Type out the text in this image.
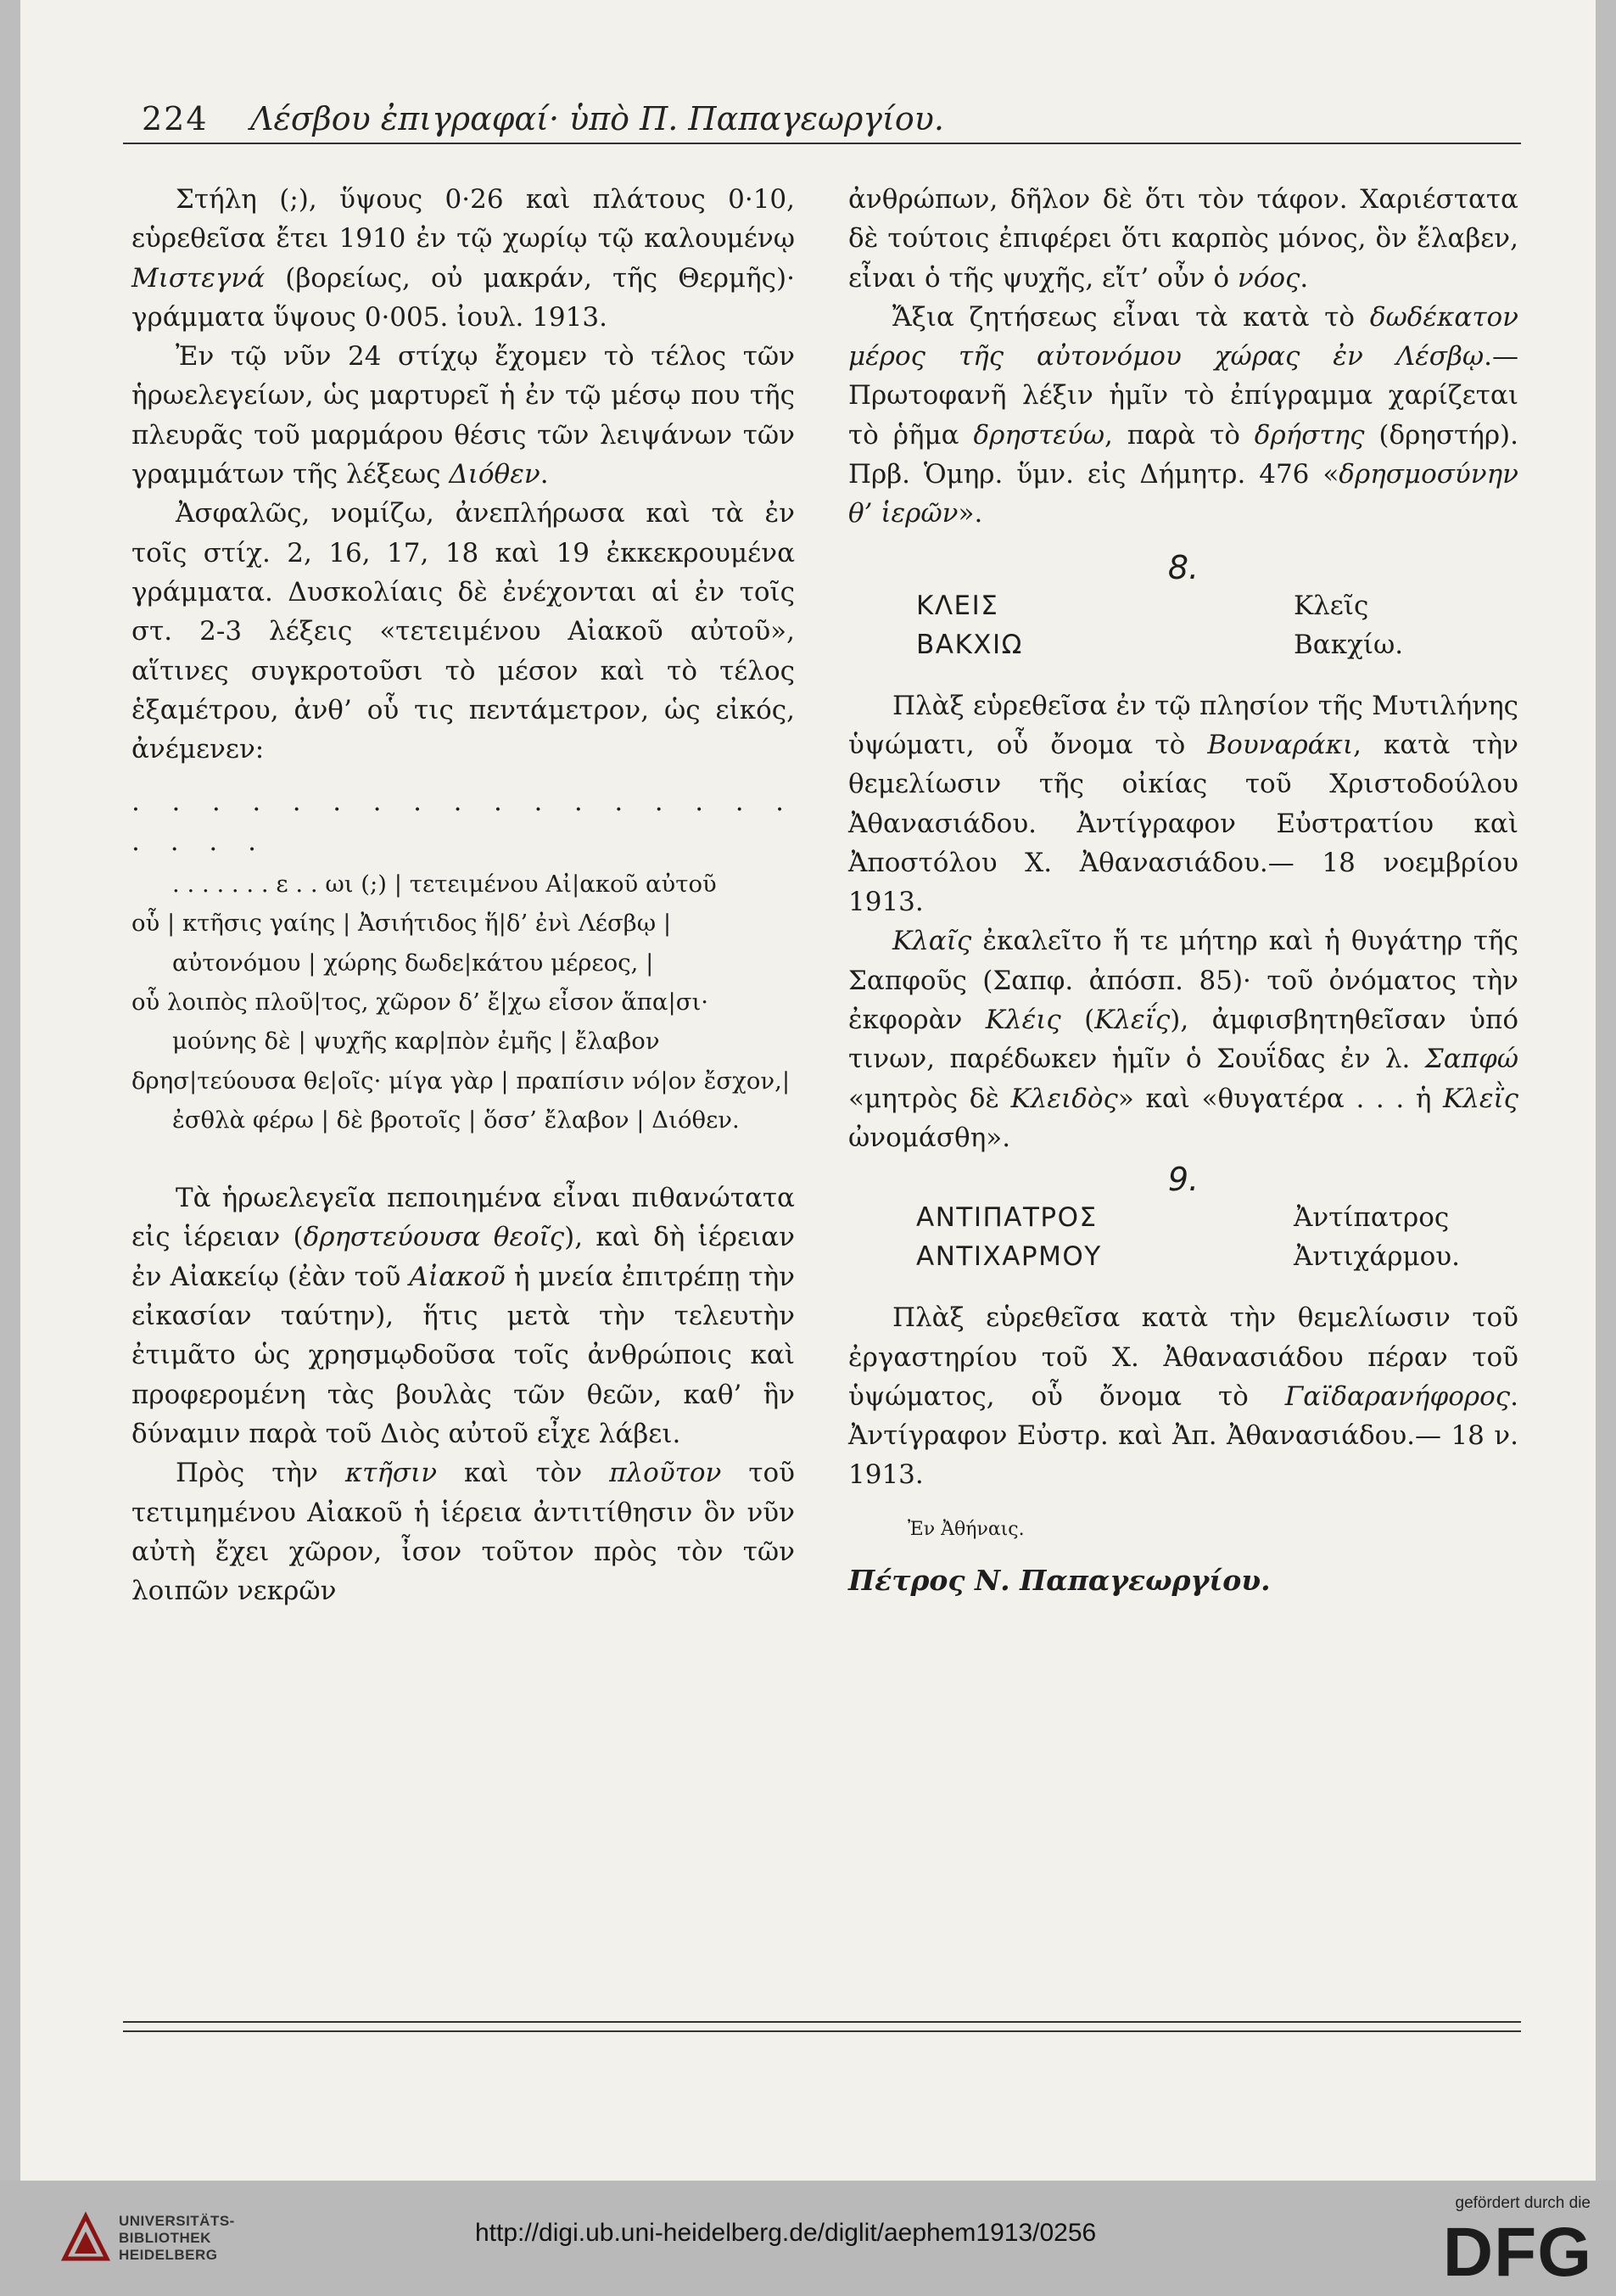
224 Λέσβου ἐπιγραφαί· ὑπὸ Π. Παπαγεωργίου.

Στήλη (;), ὕψους 0·26 καὶ πλάτους 0·10, εὑρεθεῖσα ἔτει 1910 ἐν τῷ χωρίῳ τῷ καλουμένῳ Μιστεγνά (βορείως, οὐ μακράν, τῆς Θερμῆς)· γράμματα ὕψους 0·005. ἰουλ. 1913.

Ἐν τῷ νῦν 24 στίχῳ ἔχομεν τὸ τέλος τῶν ἡρωελεγείων, ὡς μαρτυρεῖ ἡ ἐν τῷ μέσῳ που τῆς πλευρᾶς τοῦ μαρμάρου θέσις τῶν λειψάνων τῶν γραμμάτων τῆς λέξεως Διόθεν.

Ἀσφαλῶς, νομίζω, ἀνεπλήρωσα καὶ τὰ ἐν τοῖς στίχ. 2, 16, 17, 18 καὶ 19 ἐκκεκρουμένα γράμματα. Δυσκολίαις δὲ ἐνέχονται αἱ ἐν τοῖς στ. 2-3 λέξεις «τετειμένου Αἰακοῦ αὐτοῦ», αἵτινες συγκροτοῦσι τὸ μέσον καὶ τὸ τέλος ἑξαμέτρου, ἀνθ’ οὗ τις πεντάμετρον, ὡς εἰκός, ἀνέμενεν:

. . . . . . . . . . . . . . . . . . . . .

. . . . . . . ε . . ωι (;) | τετειμένου Αἰ|ακοῦ αὐτοῦ
οὗ | κτῆσις γαίης | Ἀσιήτιδος ἥ|δ’ ἐνὶ Λέσβῳ |
αὐτονόμου | χώρης δωδε|κάτου μέρεος, |
οὗ λοιπὸς πλοῦ|τος, χῶρον δ’ ἔ|χω εἶσον ἅπα|σι·
μούνης δὲ | ψυχῆς καρ|πὸν ἐμῆς | ἔλαβον
δρησ|τεύουσα θε|οῖς· μίγα γὰρ | πραπίσιν νό|ον ἔσχον,|
ἐσθλὰ φέρω | δὲ βροτοῖς | ὅσσ’ ἔλαβον | Διόθεν.

Τὰ ἡρωελεγεῖα πεποιημένα εἶναι πιθανώτατα εἰς ἱέρειαν (δρηστεύουσα θεοῖς), καὶ δὴ ἱέρειαν ἐν Αἰακείῳ (ἐὰν τοῦ Αἰακοῦ ἡ μνεία ἐπιτρέπῃ τὴν εἰκασίαν ταύτην), ἥτις μετὰ τὴν τελευτὴν ἐτιμᾶτο ὡς χρησμῳδοῦσα τοῖς ἀνθρώποις καὶ προφερομένη τὰς βουλὰς τῶν θεῶν, καθ’ ἣν δύναμιν παρὰ τοῦ Διὸς αὐτοῦ εἶχε λάβει.

Πρὸς τὴν κτῆσιν καὶ τὸν πλοῦτον τοῦ τετιμημένου Αἰακοῦ ἡ ἱέρεια ἀντιτίθησιν ὃν νῦν αὐτὴ ἔχει χῶρον, ἶσον τοῦτον πρὸς τὸν τῶν λοιπῶν νεκρῶν

ἀνθρώπων, δῆλον δὲ ὅτι τὸν τάφον. Χαριέστατα δὲ τούτοις ἐπιφέρει ὅτι καρπὸς μόνος, ὃν ἔλαβεν, εἶναι ὁ τῆς ψυχῆς, εἴτ’ οὖν ὁ νόος.

Ἄξια ζητήσεως εἶναι τὰ κατὰ τὸ δωδέκατον μέρος τῆς αὐτονόμου χώρας ἐν Λέσβῳ.— Πρωτοφανῆ λέξιν ἡμῖν τὸ ἐπίγραμμα χαρίζεται τὸ ῥῆμα δρηστεύω, παρὰ τὸ δρήστης (δρηστήρ). Πρβ. Ὁμηρ. ὕμν. εἰς Δήμητρ. 476 «δρησμοσύνην θ’ ἱερῶν».

8.
ΚΛΕΙΣ	Κλεῖς
ΒΑΚΧΙΩ	Βακχίω.

Πλὰξ εὑρεθεῖσα ἐν τῷ πλησίον τῆς Μυτιλήνης ὑψώματι, οὗ ὄνομα τὸ Βουναράκι, κατὰ τὴν θεμελίωσιν τῆς οἰκίας τοῦ Χριστοδούλου Ἀθανασιάδου. Ἀντίγραφον Εὐστρατίου καὶ Ἀποστόλου Χ. Ἀθανασιάδου.— 18 νοεμβρίου 1913.

Κλαῖς ἐκαλεῖτο ἥ τε μήτηρ καὶ ἡ θυγάτηρ τῆς Σαπφοῦς (Σαπφ. ἀπόσπ. 85)· τοῦ ὀνόματος τὴν ἐκφορὰν Κλέις (Κλεΐς), ἀμφισβητηθεῖσαν ὑπό τινων, παρέδωκεν ἡμῖν ὁ Σουΐδας ἐν λ. Σαπφώ «μητρὸς δὲ Κλειδὸς» καὶ «θυγατέρα . . . ἡ Κλεῒς ὠνομάσθη».

9.
ΑΝΤΙΠΑΤΡΟΣ	Ἀντίπατρος
ΑΝΤΙΧΑΡΜΟΥ	Ἀντιχάρμου.

Πλὰξ εὑρεθεῖσα κατὰ τὴν θεμελίωσιν τοῦ ἐργαστηρίου τοῦ Χ. Ἀθανασιάδου πέραν τοῦ ὑψώματος, οὗ ὄνομα τὸ Γαϊδαρανήφορος. Ἀντίγραφον Εὐστρ. καὶ Ἀπ. Ἀθανασιάδου.— 18 ν. 1913.

Ἐν Ἀθήναις.

Πέτρος Ν. Παπαγεωργίου.

UNIVERSITÄTS-
BIBLIOTHEK
HEIDELBERG
http://digi.ub.uni-heidelberg.de/diglit/aephem1913/0256
gefördert durch die
DFG
